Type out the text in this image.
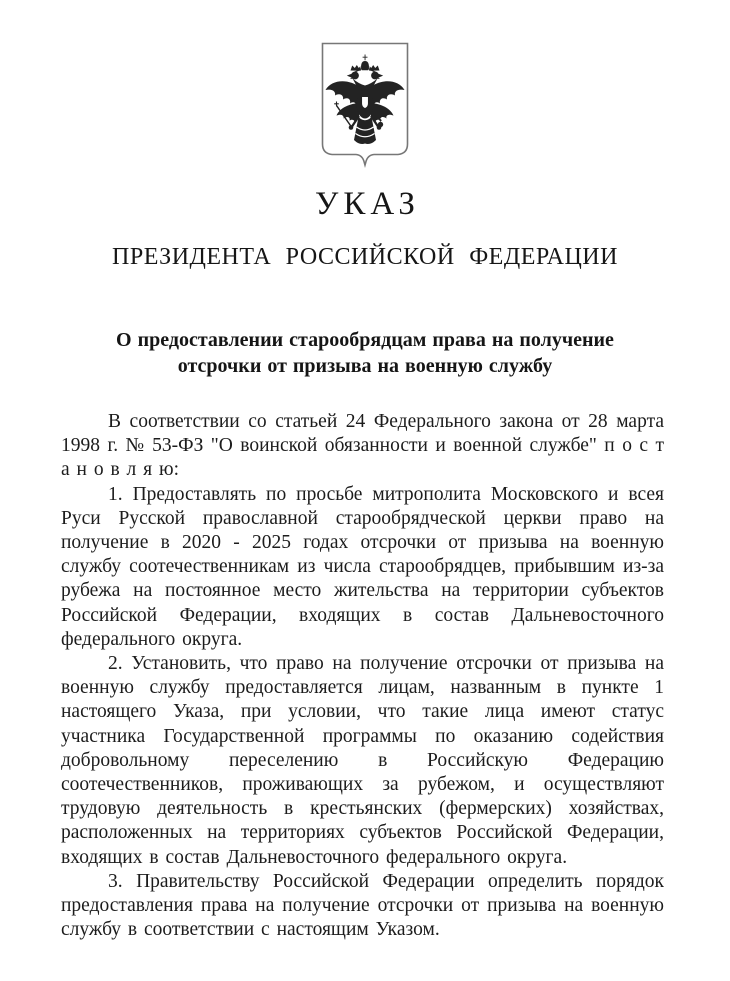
УКАЗ
ПРЕЗИДЕНТА РОССИЙСКОЙ ФЕДЕРАЦИИ
О предоставлении старообрядцам права на получение
отсрочки от призыва на военную службу

В соответствии со статьей 24 Федерального закона от 28 марта 1998 г. № 53-ФЗ "О воинской обязанности и военной службе" п о с т а н о в л я ю:

1. Предоставлять по просьбе митрополита Московского и всея Руси Русской православной старообрядческой церкви право на получение в 2020 - 2025 годах отсрочки от призыва на военную службу соотечественникам из числа старообрядцев, прибывшим из-за рубежа на постоянное место жительства на территории субъектов Российской Федерации, входящих в состав Дальневосточного федерального округа.

2. Установить, что право на получение отсрочки от призыва на военную службу предоставляется лицам, названным в пункте 1 настоящего Указа, при условии, что такие лица имеют статус участника Государственной программы по оказанию содействия добровольному переселению в Российскую Федерацию соотечественников, проживающих за рубежом, и осуществляют трудовую деятельность в крестьянских (фермерских) хозяйствах, расположенных на территориях субъектов Российской Федерации, входящих в состав Дальневосточного федерального округа.

3. Правительству Российской Федерации определить порядок предоставления права на получение отсрочки от призыва на военную службу в соответствии с настоящим Указом.
